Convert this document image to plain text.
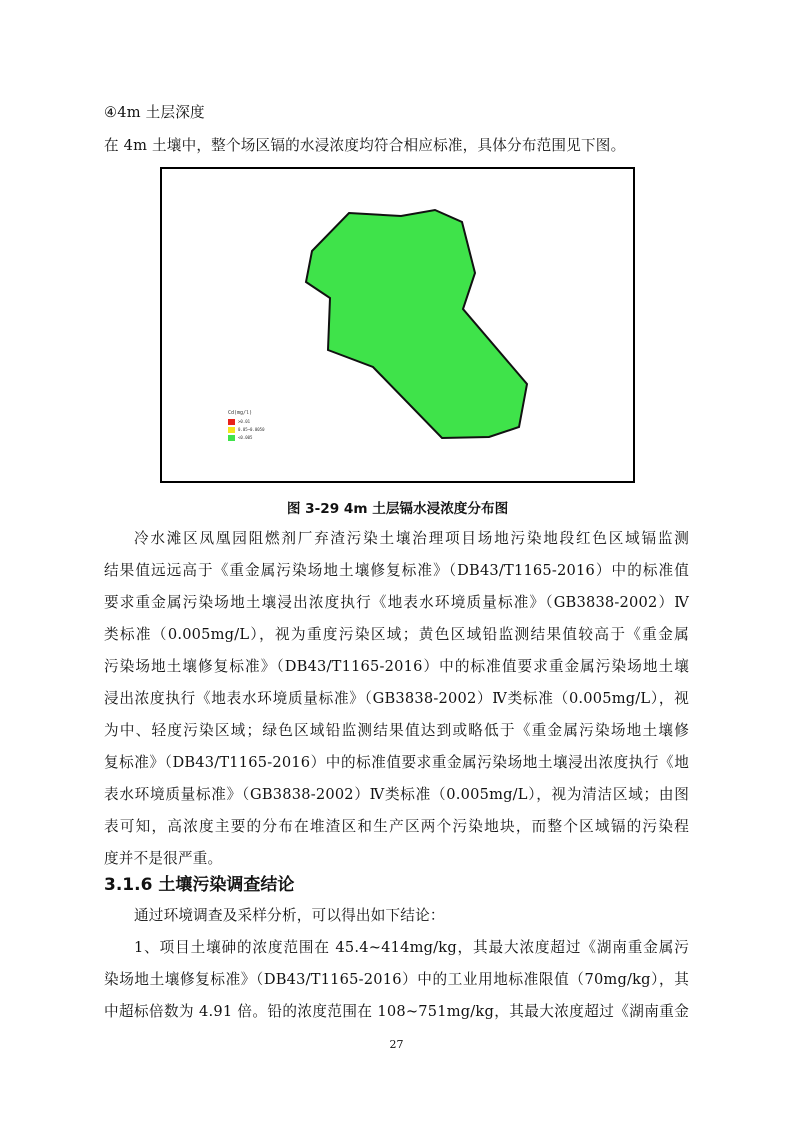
④4m 土层深度
在 4m 土壤中，整个场区镉的水浸浓度均符合相应标准，具体分布范围见下图。
Cd(mg/l)
>0.01
0.05~0.0050
<0.005
图 3-29 4m 土层镉水浸浓度分布图
冷水滩区凤凰园阻燃剂厂弃渣污染土壤治理项目场地污染地段红色区域镉监测
结果值远远高于《重金属污染场地土壤修复标准》（DB43/T1165-2016）中的标准值
要求重金属污染场地土壤浸出浓度执行《地表水环境质量标准》（GB3838-2002）Ⅳ
类标准（0.005mg/L），视为重度污染区域；黄色区域铅监测结果值较高于《重金属
污染场地土壤修复标准》（DB43/T1165-2016）中的标准值要求重金属污染场地土壤
浸出浓度执行《地表水环境质量标准》（GB3838-2002）Ⅳ类标准（0.005mg/L），视
为中、轻度污染区域；绿色区域铅监测结果值达到或略低于《重金属污染场地土壤修
复标准》（DB43/T1165-2016）中的标准值要求重金属污染场地土壤浸出浓度执行《地
表水环境质量标准》（GB3838-2002）Ⅳ类标准（0.005mg/L），视为清洁区域；由图
表可知，高浓度主要的分布在堆渣区和生产区两个污染地块，而整个区域镉的污染程
度并不是很严重。
3.1.6 土壤污染调查结论
通过环境调查及采样分析，可以得出如下结论：
1、项目土壤砷的浓度范围在 45.4~414mg/kg，其最大浓度超过《湖南重金属污
染场地土壤修复标准》（DB43/T1165-2016）中的工业用地标准限值（70mg/kg），其
中超标倍数为 4.91 倍。铅的浓度范围在 108~751mg/kg，其最大浓度超过《湖南重金
27
